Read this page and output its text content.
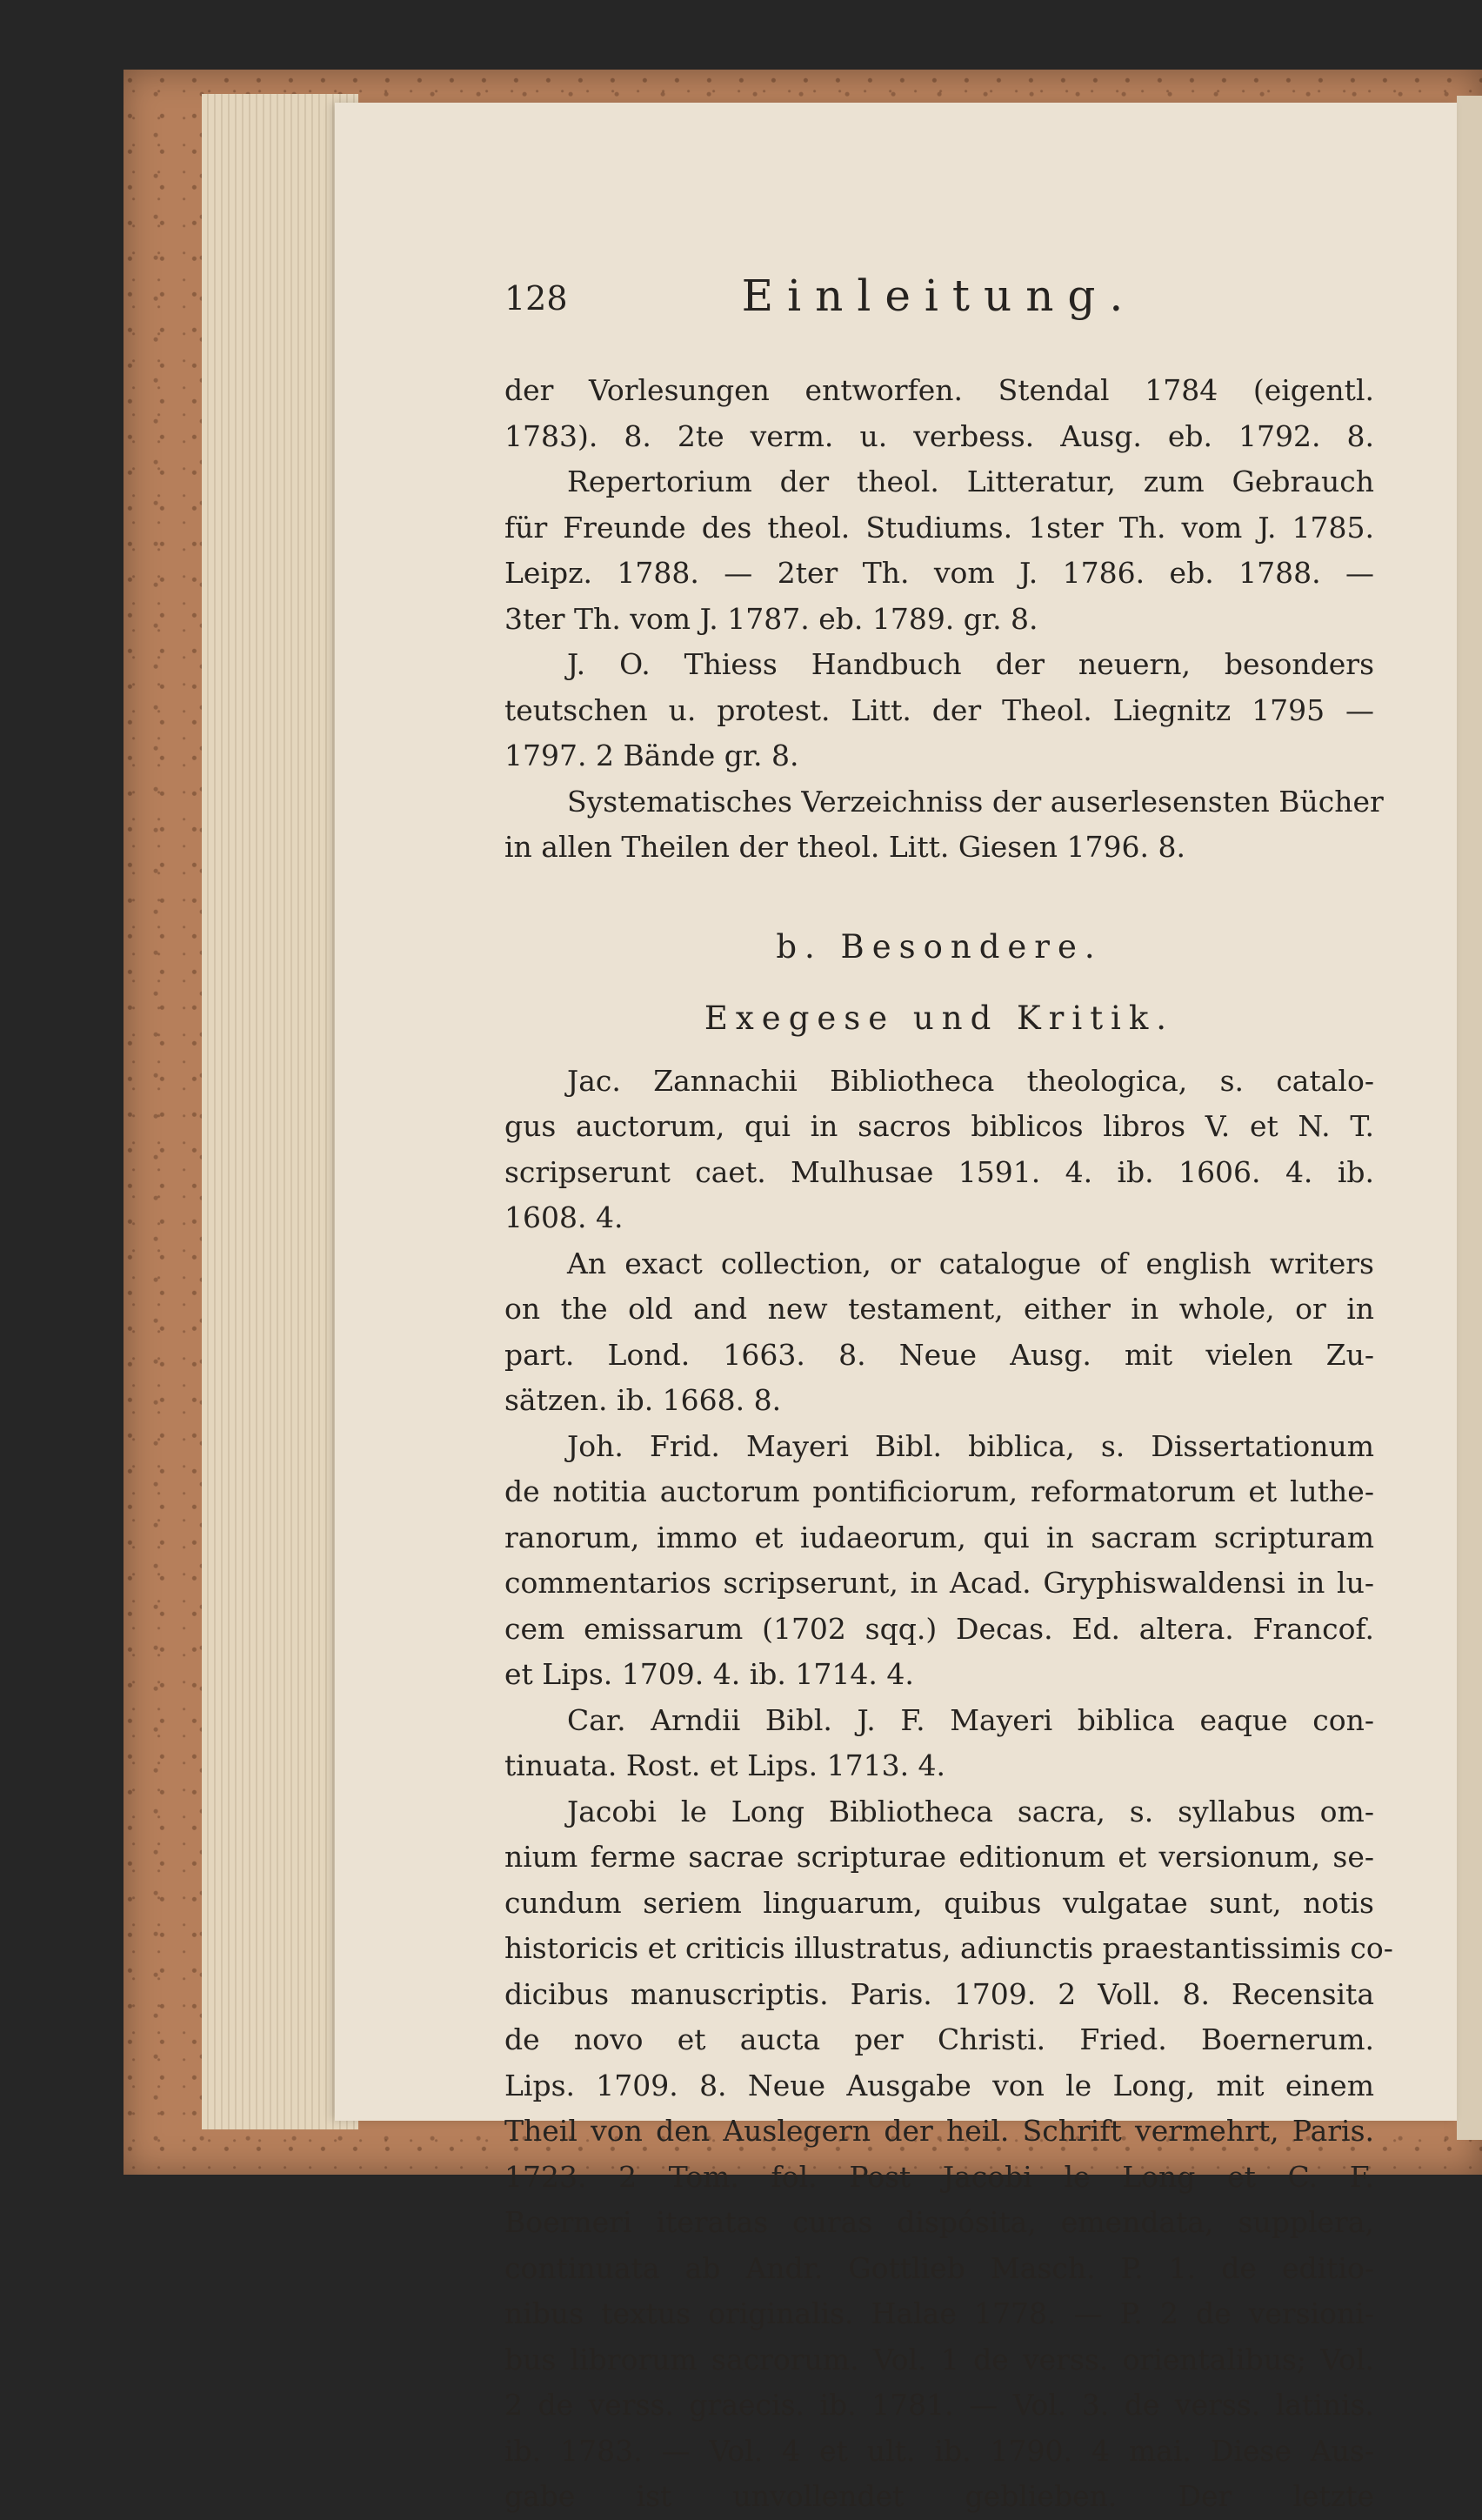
128	Einleitung.
der Vorlesungen entworfen. Stendal 1784 (eigentl.
1783). 8. 2te verm. u. verbess. Ausg. eb. 1792. 8.
Repertorium der theol. Litteratur, zum Gebrauch
für Freunde des theol. Studiums. 1ster Th. vom J. 1785.
Leipz. 1788. — 2ter Th. vom J. 1786. eb. 1788. —
3ter Th. vom J. 1787. eb. 1789. gr. 8.
J. O. Thiess Handbuch der neuern, besonders
teutschen u. protest. Litt. der Theol. Liegnitz 1795 —
1797. 2 Bände gr. 8.
Systematisches Verzeichniss der auserlesensten Bücher
in allen Theilen der theol. Litt. Giesen 1796. 8.
b. Besondere.
Exegese und Kritik.
Jac. Zannachii Bibliotheca theologica, s. catalo-
gus auctorum, qui in sacros biblicos libros V. et N. T.
scripserunt caet. Mulhusae 1591. 4. ib. 1606. 4. ib.
1608. 4.
An exact collection, or catalogue of english writers
on the old and new testament, either in whole, or in
part. Lond. 1663. 8. Neue Ausg. mit vielen Zu-
sätzen. ib. 1668. 8.
Joh. Frid. Mayeri Bibl. biblica, s. Dissertationum
de notitia auctorum pontificiorum, reformatorum et luthe-
ranorum, immo et iudaeorum, qui in sacram scripturam
commentarios scripserunt, in Acad. Gryphiswaldensi in lu-
cem emissarum (1702 sqq.) Decas. Ed. altera. Francof.
et Lips. 1709. 4. ib. 1714. 4.
Car. Arndii Bibl. J. F. Mayeri biblica eaque con-
tinuata. Rost. et Lips. 1713. 4.
Jacobi le Long Bibliotheca sacra, s. syllabus om-
nium ferme sacrae scripturae editionum et versionum, se-
cundum seriem linguarum, quibus vulgatae sunt, notis
historicis et criticis illustratus, adiunctis praestantissimis co-
dicibus manuscriptis. Paris. 1709. 2 Voll. 8. Recensita
de novo et aucta per Christi. Fried. Boernerum.
Lips. 1709. 8. Neue Ausgabe von le Long, mit einem
Theil von den Auslegern der heil. Schrift vermehrt, Paris.
1723. 2 Tom. fol. Post Jacobi le Long et C. F.
Boerneri iteratas curas dispósita, emendata, supplera,
continuata ab Andr. Gottlieb Masch. P. 1. de editio-
nibus textus originalis. Halae 1778. — P. 2 de versioni-
bus librorum sacrorum. Vol. 1 de verss. orientalibus; Vol.
2 de verss. graecis. ib. 1781. — Vol. 3. de verss. latinis.
ib. 1783. — Vol. 4 et ult. ib. 1790. 4 mai. Diese Aus-
gabe ist unvollendet geblieben. Der letzte
